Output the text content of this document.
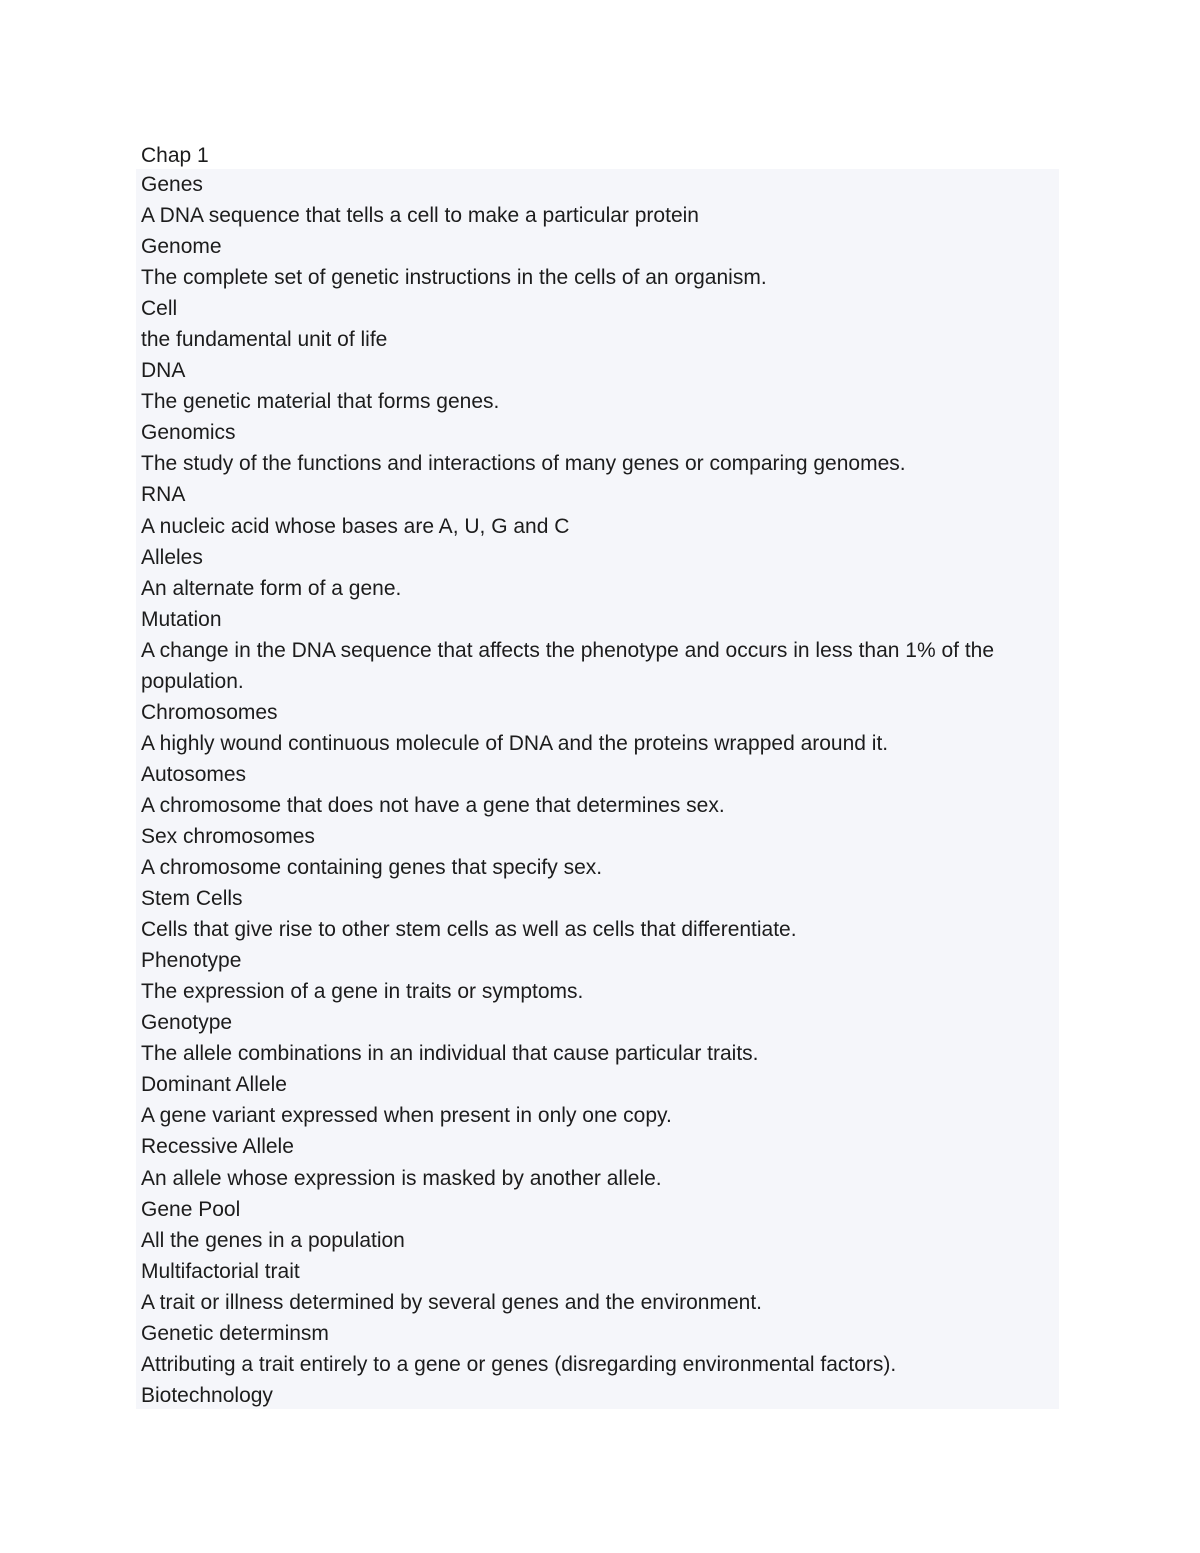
Chap 1
Genes
A DNA sequence that tells a cell to make a particular protein
Genome
The complete set of genetic instructions in the cells of an organism.
Cell
the fundamental unit of life
DNA
The genetic material that forms genes.
Genomics
The study of the functions and interactions of many genes or comparing genomes.
RNA
A nucleic acid whose bases are A, U, G and C
Alleles
An alternate form of a gene.
Mutation
A change in the DNA sequence that affects the phenotype and occurs in less than 1% of the population.
Chromosomes
A highly wound continuous molecule of DNA and the proteins wrapped around it.
Autosomes
A chromosome that does not have a gene that determines sex.
Sex chromosomes
A chromosome containing genes that specify sex.
Stem Cells
Cells that give rise to other stem cells as well as cells that differentiate.
Phenotype
The expression of a gene in traits or symptoms.
Genotype
The allele combinations in an individual that cause particular traits.
Dominant Allele
A gene variant expressed when present in only one copy.
Recessive Allele
An allele whose expression is masked by another allele.
Gene Pool
All the genes in a population
Multifactorial trait
A trait or illness determined by several genes and the environment.
Genetic determinsm
Attributing a trait entirely to a gene or genes (disregarding environmental factors).
Biotechnology
